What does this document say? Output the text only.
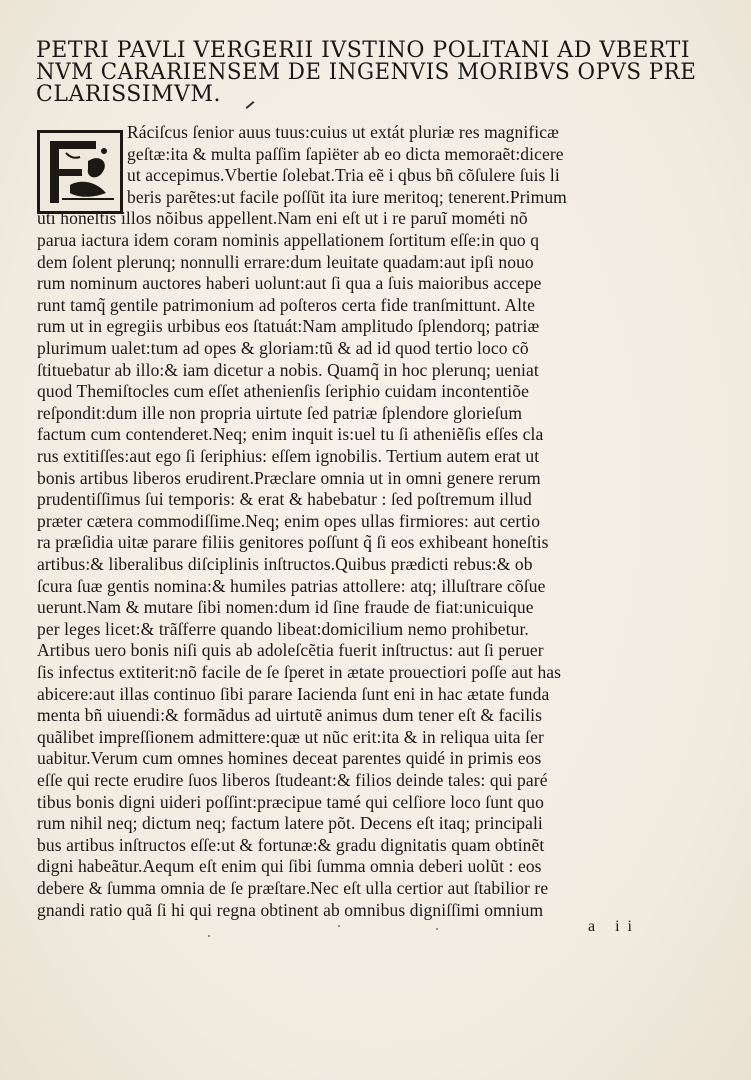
PETRI PAVLI VERGERII IVSTINO POLITANI AD VBERTI
NVM CARARIENSEM DE INGENVIS MORIBVS OPVS PRE
CLARISSIMVM.
Ráciſcus ſenior auus tuus:cuius ut extát pluriæ res magnificæ
geſtæ:ita & multa paſſim ſapiëter ab eo dicta memoraẽt:dicere
ut accepimus.Vbertie ſolebat.Tria eẽ i qbus bñ cõſulere ſuis li
beris parẽtes:ut facile poſſũt ita iure meritoq; tenerent.Primum
uti honeſtis illos nõibus appellent.Nam eni eſt ut i re paruĩ mométi nõ
parua iactura idem coram nominis appellationem ſortitum eſſe:in quo q
dem ſolent plerunq; nonnulli errare:dum leuitate quadam:aut ipſi nouo
rum nominum auctores haberi uolunt:aut ſi qua a ſuis maioribus accepe
runt tamq̃ gentile patrimonium ad poſteros certa fide tranſmittunt. Alte
rum ut in egregiis urbibus eos ſtatuát:Nam amplitudo ſplendorq; patriæ
plurimum ualet:tum ad opes & gloriam:tũ & ad id quod tertio loco cõ
ſtituebatur ab illo:& iam dicetur a nobis. Quamq̃ in hoc plerunq; ueniat
quod Themiſtocles cum eſſet athenienſis ſeriphio cuidam incontentiõe
reſpondit:dum ille non propria uirtute ſed patriæ ſplendore glorieſum
factum cum contenderet.Neq; enim inquit is:uel tu ſi atheniẽſis eſſes cla
rus extitiſſes:aut ego ſi ſeriphius: eſſem ignobilis. Tertium autem erat ut
bonis artibus liberos erudirent.Præclare omnia ut in omni genere rerum
prudentiſſimus ſui temporis: & erat & habebatur : ſed poſtremum illud
præter cætera commodiſſime.Neq; enim opes ullas firmiores: aut certio
ra præſidia uitæ parare filiis genitores poſſunt q̃ ſi eos exhibeant honeſtis
artibus:& liberalibus diſciplinis inſtructos.Quibus prædicti rebus:& ob
ſcura ſuæ gentis nomina:& humiles patrias attollere: atq; illuſtrare cõſue
uerunt.Nam & mutare ſibi nomen:dum id ſine fraude de fiat:unicuique
per leges licet:& trãſferre quando libeat:domicilium nemo prohibetur.
Artibus uero bonis niſi quis ab adoleſcẽtia fuerit inſtructus: aut ſi peruer
ſis infectus extiterit:nõ facile de ſe ſperet in ætate prouectiori poſſe aut has
abicere:aut illas continuo ſibi parare Iacienda ſunt eni in hac ætate funda
menta bñ uiuendi:& formãdus ad uirtutẽ animus dum tener eſt & facilis
quãlibet impreſſionem admittere:quæ ut nũc erit:ita & in reliqua uita ſer
uabitur.Verum cum omnes homines deceat parentes quidé in primis eos
eſſe qui recte erudire ſuos liberos ſtudeant:& filios deinde tales: qui paré
tibus bonis digni uideri poſſint:præcipue tamé qui celſiore loco ſunt quo
rum nihil neq; dictum neq; factum latere põt. Decens eſt itaq; principali
bus artibus inſtructos eſſe:ut & fortunæ:& gradu dignitatis quam obtinẽt
digni habeãtur.Aequm eſt enim qui ſibi ſumma omnia deberi uolũt : eos
debere & ſumma omnia de ſe præſtare.Nec eſt ulla certior aut ſtabilior re
gnandi ratio quã ſi hi qui regna obtinent ab omnibus digniſſimi omnium
a ii
